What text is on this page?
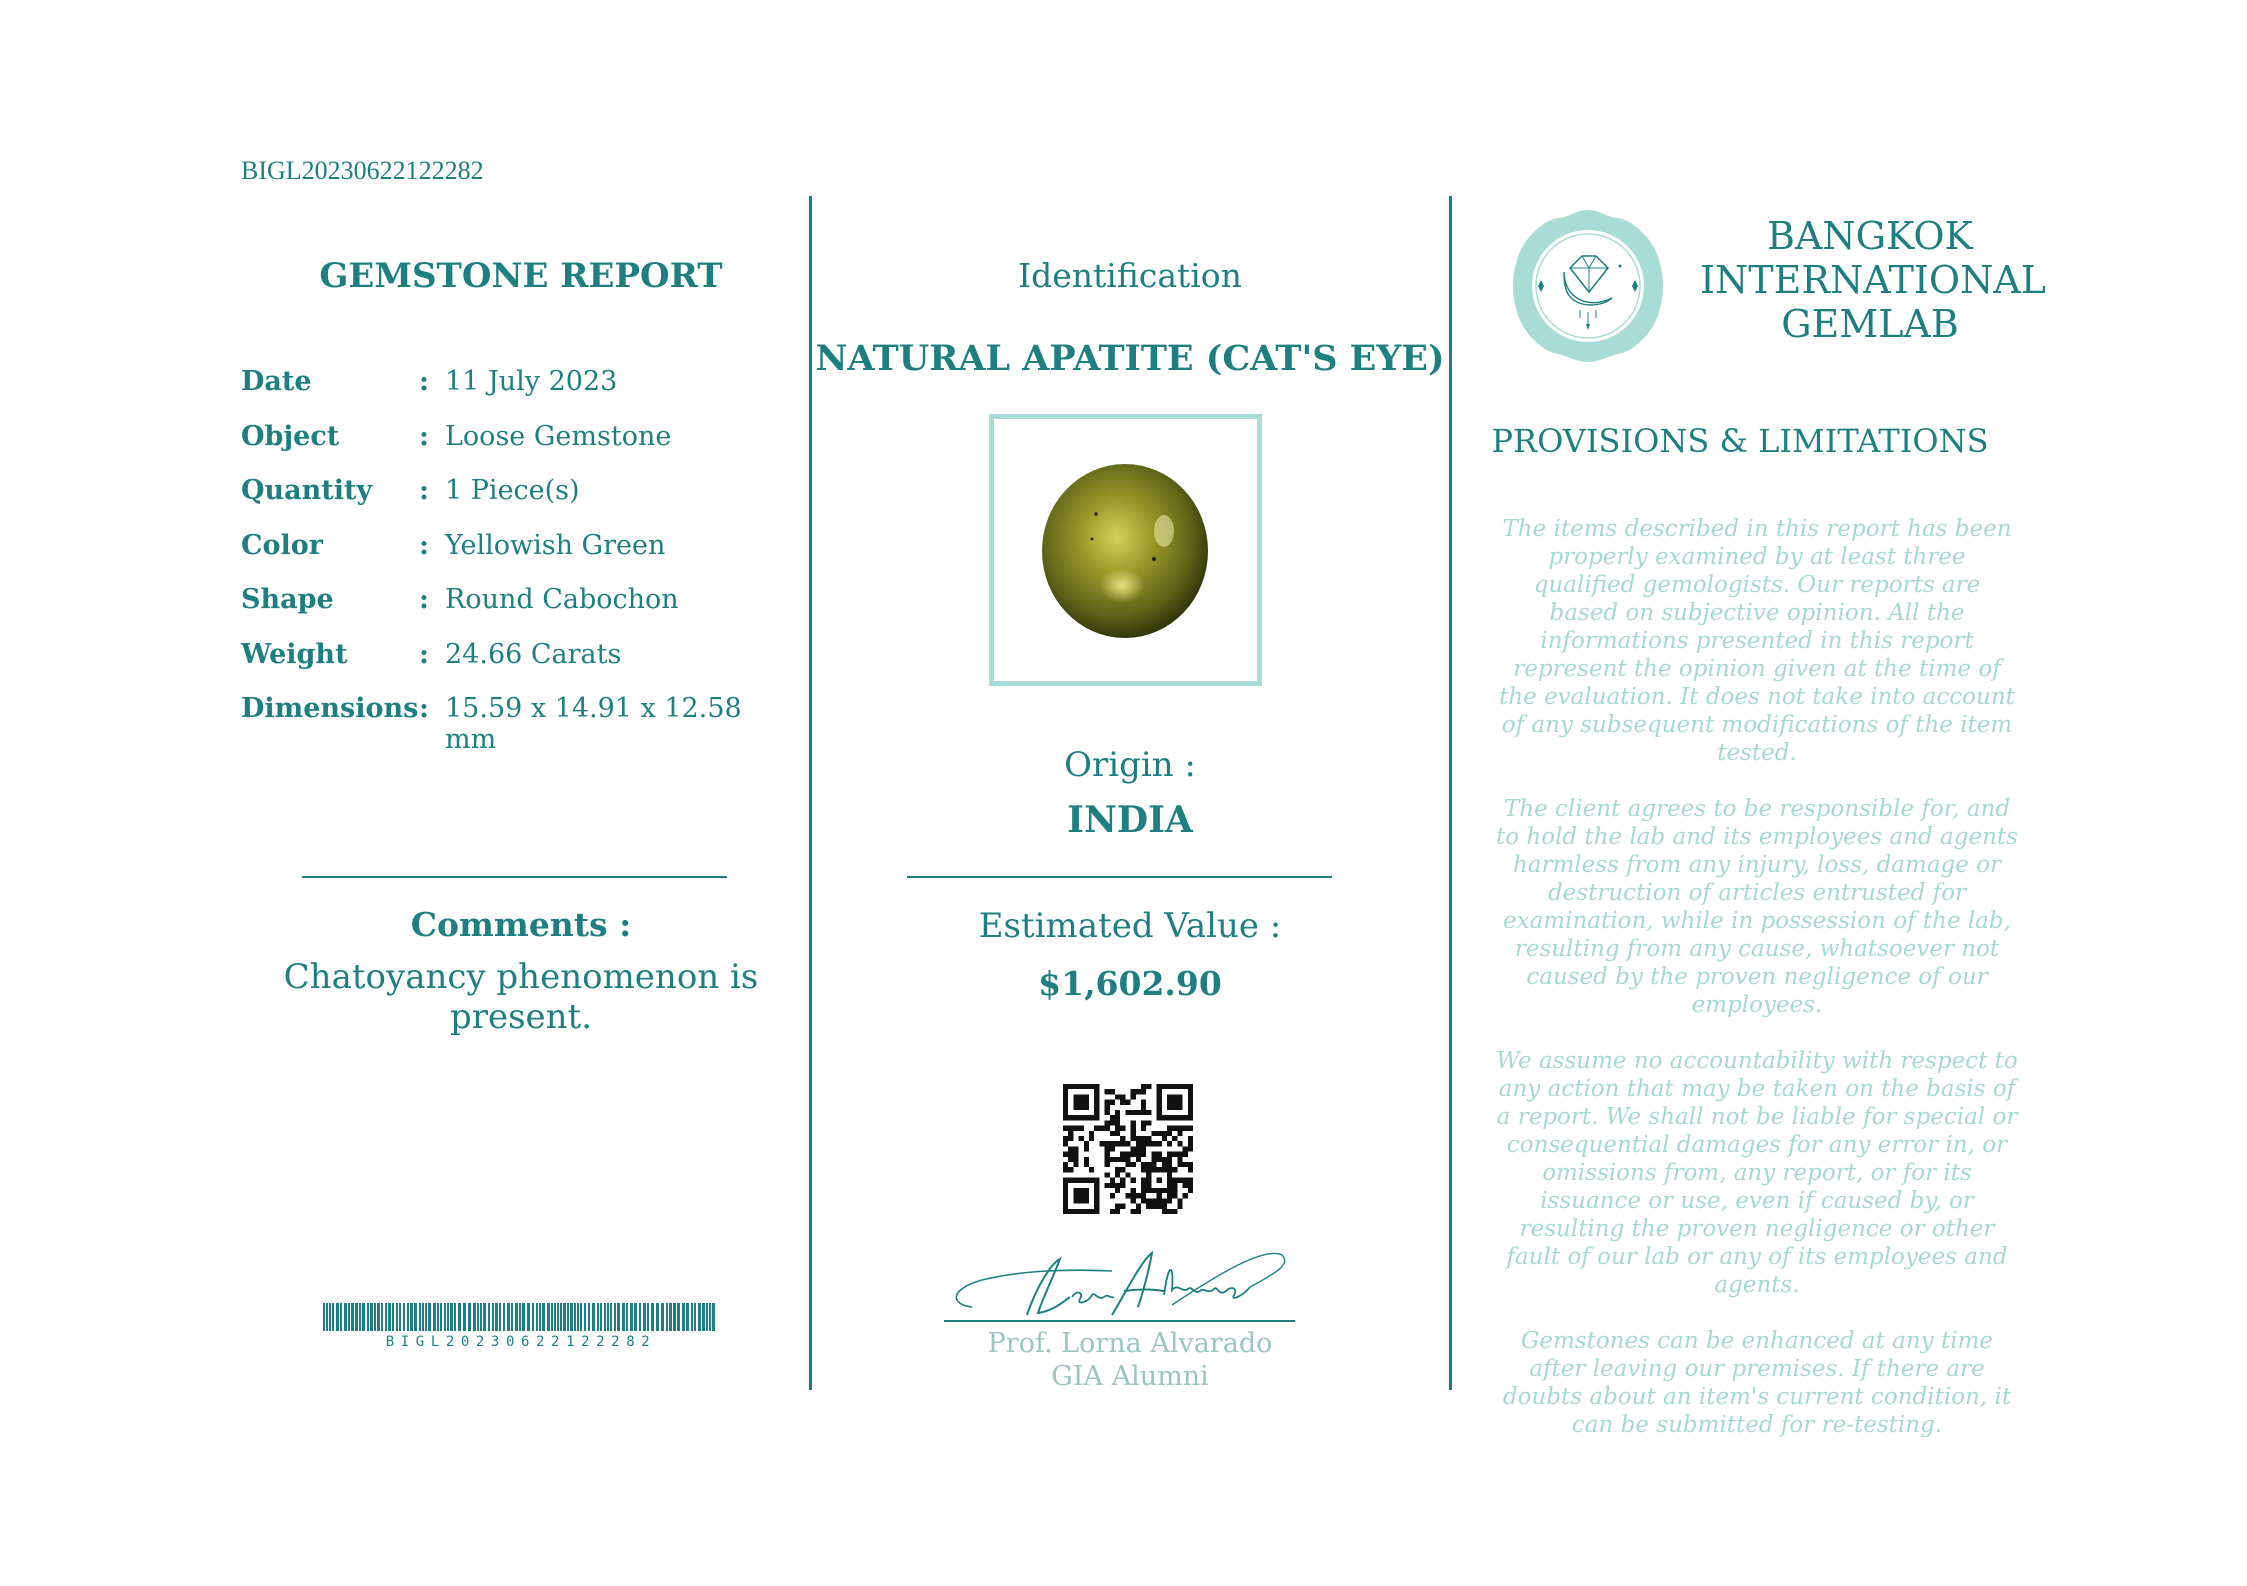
BIGL20230622122282
GEMSTONE REPORT
Date	: 11 July 2023
Object	: Loose Gemstone
Quantity : 1 Piece(s)
Color	: Yellowish Green
Shape	: Round Cabochon
Weight	: 24.66 Carats
Dimensions : 15.59 x 14.91 x 12.58 mm
Comments :
Chatoyancy phenomenon is present.
BIGL20230622122282
Identification
NATURAL APATITE (CAT'S EYE)
Origin :
INDIA
Estimated Value :
$1,602.90
Prof. Lorna Alvarado
GIA Alumni
BANGKOK
INTERNATIONAL
GEMLAB
PROVISIONS & LIMITATIONS

The items described in this report has been properly examined by at least three qualified gemologists. Our reports are based on subjective opinion. All the informations presented in this report represent the opinion given at the time of the evaluation. It does not take into account of any subsequent modifications of the item tested.

The client agrees to be responsible for, and to hold the lab and its employees and agents harmless from any injury, loss, damage or destruction of articles entrusted for examination, while in possession of the lab, resulting from any cause, whatsoever not caused by the proven negligence of our employees.

We assume no accountability with respect to any action that may be taken on the basis of a report. We shall not be liable for special or consequential damages for any error in, or omissions from, any report, or for its issuance or use, even if caused by, or resulting the proven negligence or other fault of our lab or any of its employees and agents.

Gemstones can be enhanced at any time after leaving our premises. If there are doubts about an item's current condition, it can be submitted for re-testing.
